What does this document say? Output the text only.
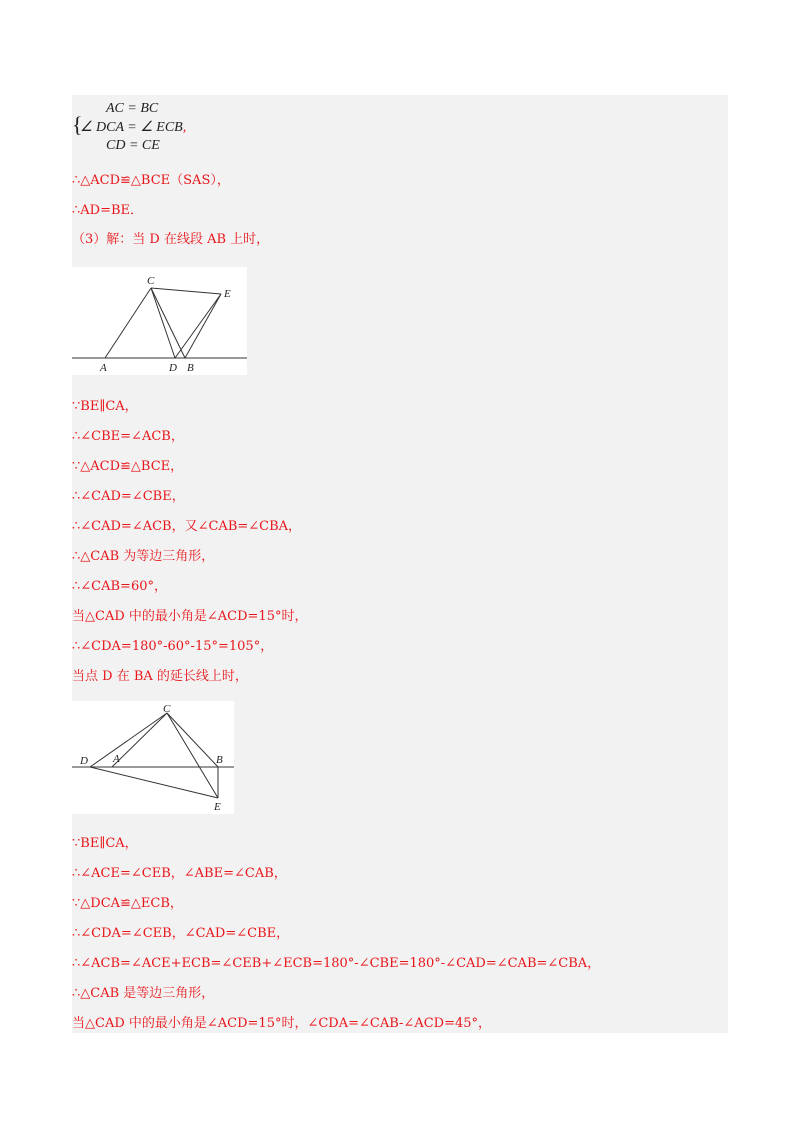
{
AC = BC
∠ DCA = ∠ ECB,
CD = CE
∴△ACD≌△BCE（SAS），
∴AD=BE．
（3）解：当 D 在线段 AB 上时，
A
C
D B
E
∵BE∥CA，
∴∠CBE=∠ACB，
∵△ACD≌△BCE，
∴∠CAD=∠CBE，
∴∠CAD=∠ACB，又∠CAB=∠CBA，
∴△CAB 为等边三角形，
∴∠CAB=60°，
当△CAD 中的最小角是∠ACD=15°时，
∴∠CDA=180°-60°-15°=105°，
当点 D 在 BA 的延长线上时，
C
D A	B
E
∵BE∥CA，
∴∠ACE=∠CEB，∠ABE=∠CAB，
∵△DCA≌△ECB，
∴∠CDA=∠CEB，∠CAD=∠CBE，
∴∠ACB=∠ACE+ECB=∠CEB+∠ECB=180°-∠CBE=180°-∠CAD=∠CAB=∠CBA，
∴△CAB 是等边三角形，
当△CAD 中的最小角是∠ACD=15°时，∠CDA=∠CAB-∠ACD=45°，
